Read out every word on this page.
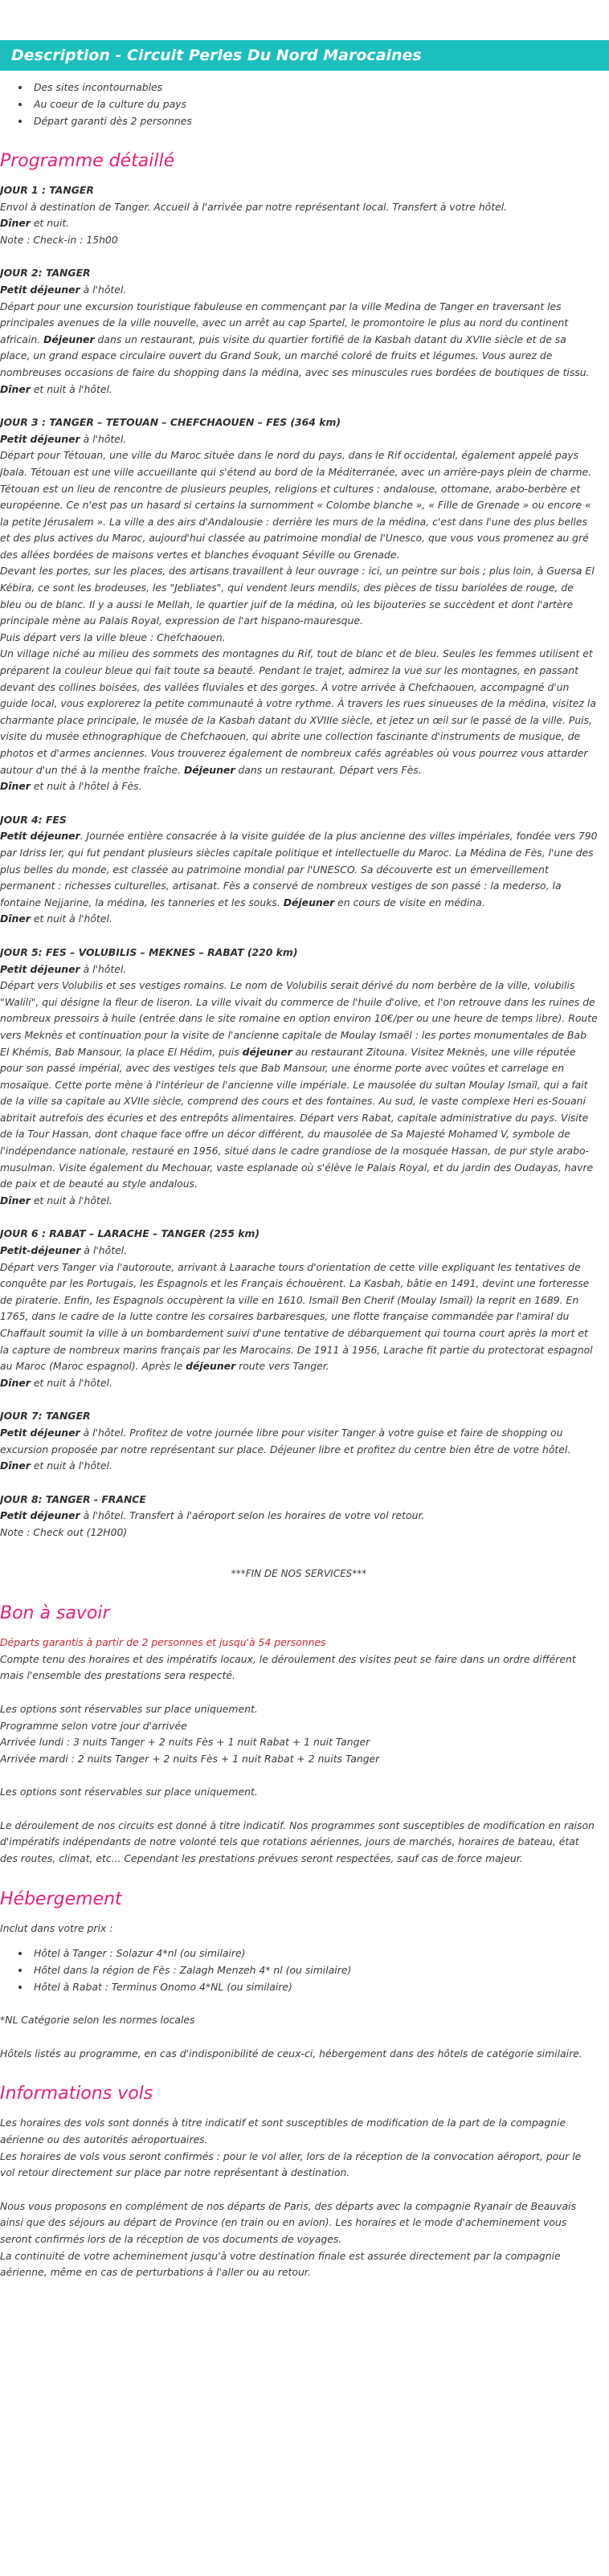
Description - Circuit Perles Du Nord Marocaines
• Des sites incontournables
• Au coeur de la culture du pays
• Départ garanti dès 2 personnes
Programme détaillé

JOUR 1 : TANGER

Envol à destination de Tanger. Accueil à l'arrivée par notre représentant local. Transfert à votre hôtel.

Dîner et nuit.

Note : Check-in : 15h00

JOUR 2: TANGER

Petit déjeuner à l'hôtel.

Départ pour une excursion touristique fabuleuse en commençant par la ville Medina de Tanger en traversant les principales avenues de la ville nouvelle, avec un arrêt au cap Spartel, le promontoire le plus au nord du continent africain. Déjeuner dans un restaurant, puis visite du quartier fortifié de la Kasbah datant du XVIIe siècle et de sa place, un grand espace circulaire ouvert du Grand Souk, un marché coloré de fruits et légumes. Vous aurez de nombreuses occasions de faire du shopping dans la médina, avec ses minuscules rues bordées de boutiques de tissu.

Dîner et nuit à l'hôtel.

JOUR 3 : TANGER – TETOUAN – CHEFCHAOUEN – FES (364 km)

Petit déjeuner à l'hôtel.

Départ pour Tétouan, une ville du Maroc située dans le nord du pays, dans le Rif occidental, également appelé pays Jbala. Tétouan est une ville accueillante qui s'étend au bord de la Méditerranée, avec un arrière-pays plein de charme. Tétouan est un lieu de rencontre de plusieurs peuples, religions et cultures : andalouse, ottomane, arabo-berbère et européenne. Ce n'est pas un hasard si certains la surnomment « Colombe blanche », « Fille de Grenade » ou encore « la petite Jérusalem ». La ville a des airs d'Andalousie : derrière les murs de la médina, c'est dans l'une des plus belles et des plus actives du Maroc, aujourd'hui classée au patrimoine mondial de l'Unesco, que vous vous promenez au gré des allées bordées de maisons vertes et blanches évoquant Séville ou Grenade.

Devant les portes, sur les places, des artisans travaillent à leur ouvrage : ici, un peintre sur bois ; plus loin, à Guersa El Kébira, ce sont les brodeuses, les "Jebliates", qui vendent leurs mendils, des pièces de tissu bariolées de rouge, de bleu ou de blanc. Il y a aussi le Mellah, le quartier juif de la médina, où les bijouteries se succèdent et dont l'artère principale mène au Palais Royal, expression de l'art hispano-mauresque.

Puis départ vers la ville bleue : Chefchaouen.

Un village niché au milieu des sommets des montagnes du Rif, tout de blanc et de bleu. Seules les femmes utilisent et préparent la couleur bleue qui fait toute sa beauté. Pendant le trajet, admirez la vue sur les montagnes, en passant devant des collines boisées, des vallées fluviales et des gorges. À votre arrivée à Chefchaouen, accompagné d'un guide local, vous explorerez la petite communauté à votre rythme. À travers les rues sinueuses de la médina, visitez la charmante place principale, le musée de la Kasbah datant du XVIIIe siècle, et jetez un œil sur le passé de la ville. Puis, visite du musée ethnographique de Chefchaouen, qui abrite une collection fascinante d'instruments de musique, de photos et d'armes anciennes. Vous trouverez également de nombreux cafés agréables où vous pourrez vous attarder autour d'un thé à la menthe fraîche. Déjeuner dans un restaurant. Départ vers Fès.

Dîner et nuit à l'hôtel à Fès.

JOUR 4: FES

Petit déjeuner. Journée entière consacrée à la visite guidée de la plus ancienne des villes impériales, fondée vers 790 par Idriss Ier, qui fut pendant plusieurs siècles capitale politique et intellectuelle du Maroc. La Médina de Fès, l'une des plus belles du monde, est classée au patrimoine mondial par l'UNESCO. Sa découverte est un émerveillement permanent : richesses culturelles, artisanat. Fès a conservé de nombreux vestiges de son passé : la mederso, la fontaine Nejjarine, la médina, les tanneries et les souks. Déjeuner en cours de visite en médina.

Dîner et nuit à l'hôtel.

JOUR 5: FES – VOLUBILIS – MEKNES – RABAT (220 km)

Petit déjeuner à l'hôtel.

Départ vers Volubilis et ses vestiges romains. Le nom de Volubilis serait dérivé du nom berbère de la ville, volubilis "Walili", qui désigne la fleur de liseron. La ville vivait du commerce de l'huile d'olive, et l'on retrouve dans les ruines de nombreux pressoirs à huile (entrée dans le site romaine en option environ 10€/per ou une heure de temps libre). Route vers Meknès et continuation pour la visite de l'ancienne capitale de Moulay Ismaël : les portes monumentales de Bab El Khémis, Bab Mansour, la place El Hédim, puis déjeuner au restaurant Zitouna. Visitez Meknès, une ville réputée pour son passé impérial, avec des vestiges tels que Bab Mansour, une énorme porte avec voûtes et carrelage en mosaïque. Cette porte mène à l'intérieur de l'ancienne ville impériale. Le mausolée du sultan Moulay Ismaïl, qui a fait de la ville sa capitale au XVIIe siècle, comprend des cours et des fontaines. Au sud, le vaste complexe Heri es-Souani abritait autrefois des écuries et des entrepôts alimentaires. Départ vers Rabat, capitale administrative du pays. Visite de la Tour Hassan, dont chaque face offre un décor différent, du mausolée de Sa Majesté Mohamed V, symbole de l'indépendance nationale, restauré en 1956, situé dans le cadre grandiose de la mosquée Hassan, de pur style arabo-musulman. Visite également du Mechouar, vaste esplanade où s'élève le Palais Royal, et du jardin des Oudayas, havre de paix et de beauté au style andalous.

Dîner et nuit à l'hôtel.

JOUR 6 : RABAT – LARACHE – TANGER (255 km)

Petit-déjeuner à l'hôtel.

Départ vers Tanger via l'autoroute, arrivant à Laarache tours d'orientation de cette ville expliquant les tentatives de conquête par les Portugais, les Espagnols et les Français échouèrent. La Kasbah, bâtie en 1491, devint une forteresse de piraterie. Enfin, les Espagnols occupèrent la ville en 1610. Ismaïl Ben Cherif (Moulay Ismaïl) la reprit en 1689. En 1765, dans le cadre de la lutte contre les corsaires barbaresques, une flotte française commandée par l'amiral du Chaffault soumit la ville à un bombardement suivi d'une tentative de débarquement qui tourna court après la mort et la capture de nombreux marins français par les Marocains. De 1911 à 1956, Larache fit partie du protectorat espagnol au Maroc (Maroc espagnol). Après le déjeuner route vers Tanger.

Dîner et nuit à l'hôtel.

JOUR 7: TANGER

Petit déjeuner à l'hôtel. Profitez de votre journée libre pour visiter Tanger à votre guise et faire de shopping ou excursion proposée par notre représentant sur place. Déjeuner libre et profitez du centre bien être de votre hôtel.

Dîner et nuit à l'hôtel.

JOUR 8: TANGER - FRANCE

Petit déjeuner à l'hôtel. Transfert à l'aéroport selon les horaires de votre vol retour.

Note : Check out (12H00)

***FIN DE NOS SERVICES***

Bon à savoir

Départs garantis à partir de 2 personnes et jusqu'à 54 personnes

Compte tenu des horaires et des impératifs locaux, le déroulement des visites peut se faire dans un ordre différent mais l'ensemble des prestations sera respecté.

Les options sont réservables sur place uniquement.

Programme selon votre jour d'arrivée

Arrivée lundi : 3 nuits Tanger + 2 nuits Fès + 1 nuit Rabat + 1 nuit Tanger

Arrivée mardi : 2 nuits Tanger + 2 nuits Fès + 1 nuit Rabat + 2 nuits Tanger

Les options sont réservables sur place uniquement.

Le déroulement de nos circuits est donné à titre indicatif. Nos programmes sont susceptibles de modification en raison d'impératifs indépendants de notre volonté tels que rotations aériennes, jours de marchés, horaires de bateau, état des routes, climat, etc... Cependant les prestations prévues seront respectées, sauf cas de force majeur.

Hébergement

Inclut dans votre prix :

• Hôtel à Tanger : Solazur 4*nl (ou similaire)
• Hôtel dans la région de Fès : Zalagh Menzeh 4* nl (ou similaire)
• Hôtel à Rabat : Terminus Onomo 4*NL (ou similaire)

*NL Catégorie selon les normes locales

Hôtels listés au programme, en cas d'indisponibilité de ceux-ci, hébergement dans des hôtels de catégorie similaire.

Informations vols

Les horaires des vols sont donnés à titre indicatif et sont susceptibles de modification de la part de la compagnie aérienne ou des autorités aéroportuaires.

Les horaires de vols vous seront confirmés : pour le vol aller, lors de la réception de la convocation aéroport, pour le vol retour directement sur place par notre représentant à destination.

Nous vous proposons en complément de nos départs de Paris, des départs avec la compagnie Ryanair de Beauvais ainsi que des séjours au départ de Province (en train ou en avion). Les horaires et le mode d'acheminement vous seront confirmés lors de la réception de vos documents de voyages.

La continuité de votre acheminement jusqu'à votre destination finale est assurée directement par la compagnie aérienne, même en cas de perturbations à l'aller ou au retour.
